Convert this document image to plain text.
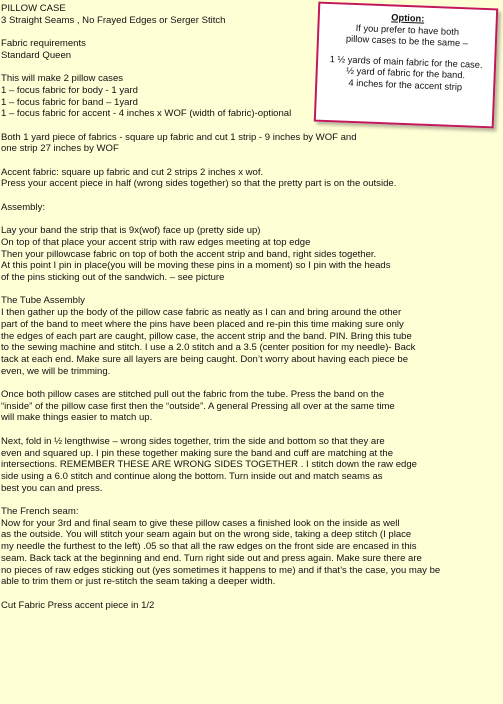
PILLOW CASE

3 Straight Seams , No Frayed Edges or Serger Stitch

Fabric requirements

Standard Queen

This will make 2 pillow cases

1 – focus fabric for body - 1 yard

1 – focus fabric for band – 1yard

1 – focus fabric for accent - 4 inches x WOF (width of fabric)-optional

Both 1 yard piece of fabrics - square up fabric and cut 1 strip - 9 inches by WOF and

one strip 27 inches by WOF

Accent fabric: square up fabric and cut 2 strips 2 inches x wof.

Press your accent piece in half (wrong sides together) so that the pretty part is on the outside.

Assembly:

Lay your band the strip that is 9x(wof) face up (pretty side up)

On top of that place your accent strip with raw edges meeting at top edge

Then your pillowcase fabric on top of both the accent strip and band, right sides together.

At this point I pin in place(you will be moving these pins in a moment) so I pin with the heads

of the pins sticking out of the sandwich. – see picture

The Tube Assembly

I then gather up the body of the pillow case fabric as neatly as I can and bring around the other

part of the band to meet where the pins have been placed and re-pin this time making sure only

the edges of each part are caught, pillow case, the accent strip and the band. PIN. Bring this tube

to the sewing machine and stitch. I use a 2.0 stitch and a 3.5 (center position for my needle)- Back

tack at each end. Make sure all layers are being caught. Don’t worry about having each piece be

even, we will be trimming.

Once both pillow cases are stitched pull out the fabric from the tube. Press the band on the

“inside” of the pillow case first then the “outside”. A general Pressing all over at the same time

will make things easier to match up.

Next, fold in ½ lengthwise – wrong sides together, trim the side and bottom so that they are

even and squared up. I pin these together making sure the band and cuff are matching at the

intersections. REMEMBER THESE ARE WRONG SIDES TOGETHER . I stitch down the raw edge

side using a 6.0 stitch and continue along the bottom. Turn inside out and match seams as

best you can and press.

The French seam:

Now for your 3rd and final seam to give these pillow cases a finished look on the inside as well

as the outside. You will stitch your seam again but on the wrong side, taking a deep stitch (I place

my needle the furthest to the left) .05 so that all the raw edges on the front side are encased in this

seam. Back tack at the beginning and end. Turn right side out and press again. Make sure there are

no pieces of raw edges sticking out (yes sometimes it happens to me) and if that’s the case, you may be

able to trim them or just re-stitch the seam taking a deeper width.

Cut Fabric Press accent piece in 1/2

Option:

If you prefer to have both

pillow cases to be the same –

1 ½ yards of main fabric for the case.

½ yard of fabric for the band.

4 inches for the accent strip
